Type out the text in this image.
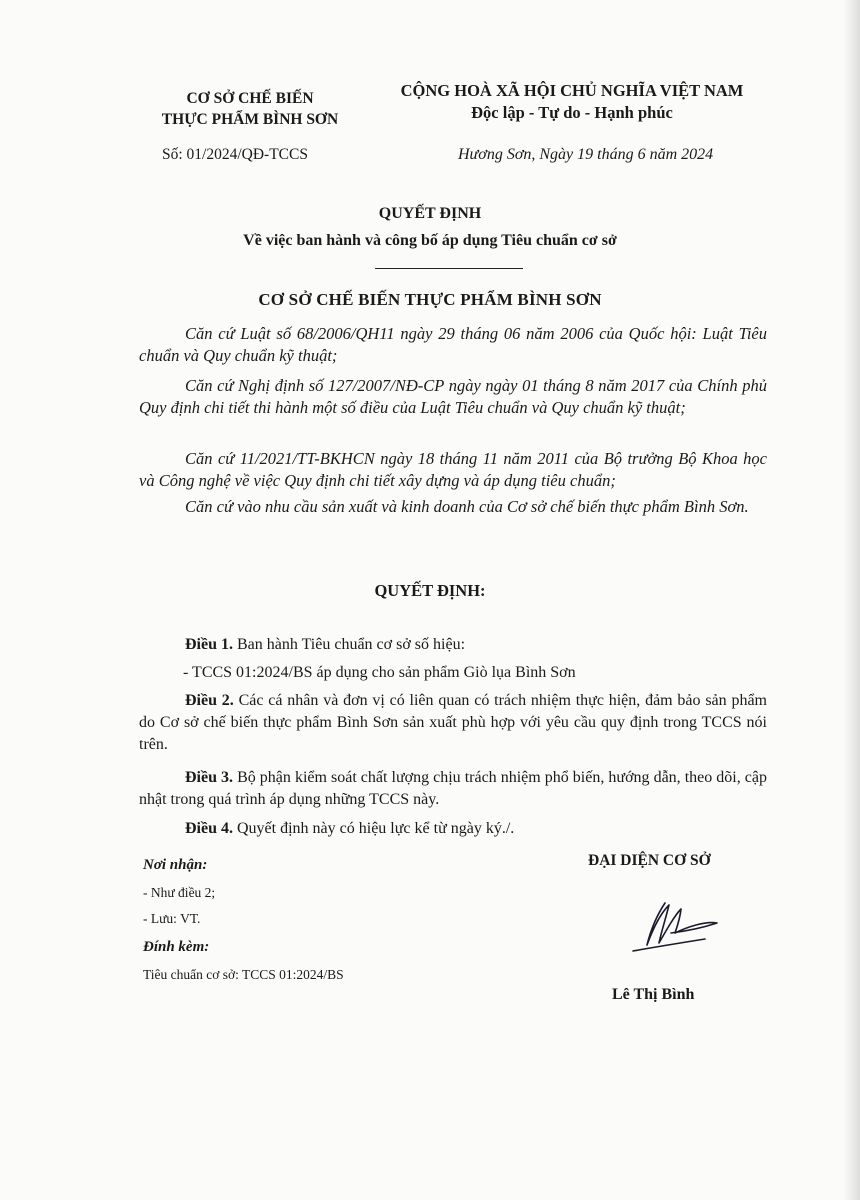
CƠ SỞ CHẾ BIẾN
THỰC PHẨM BÌNH SƠN
CỘNG HOÀ XÃ HỘI CHỦ NGHĨA VIỆT NAM
Độc lập - Tự do - Hạnh phúc
Số: 01/2024/QĐ-TCCS	Hương Sơn, Ngày 19 tháng 6 năm 2024
QUYẾT ĐỊNH
Về việc ban hành và công bố áp dụng Tiêu chuẩn cơ sở
CƠ SỞ CHẾ BIẾN THỰC PHẨM BÌNH SƠN
Căn cứ Luật số 68/2006/QH11 ngày 29 tháng 06 năm 2006 của Quốc hội: Luật Tiêu chuẩn và Quy chuẩn kỹ thuật;
Căn cứ Nghị định số 127/2007/NĐ-CP ngày ngày 01 tháng 8 năm 2017 của Chính phủ Quy định chi tiết thi hành một số điều của Luật Tiêu chuẩn và Quy chuẩn kỹ thuật;
Căn cứ 11/2021/TT-BKHCN ngày 18 tháng 11 năm 2011 của Bộ trưởng Bộ Khoa học và Công nghệ về việc Quy định chi tiết xây dựng và áp dụng tiêu chuẩn;
Căn cứ vào nhu cầu sản xuất và kinh doanh của Cơ sở chế biến thực phẩm Bình Sơn.
QUYẾT ĐỊNH:
Điều 1. Ban hành Tiêu chuẩn cơ sở số hiệu:
- TCCS 01:2024/BS áp dụng cho sản phẩm Giò lụa Bình Sơn
Điều 2. Các cá nhân và đơn vị có liên quan có trách nhiệm thực hiện, đảm bảo sản phẩm do Cơ sở chế biến thực phẩm Bình Sơn sản xuất phù hợp với yêu cầu quy định trong TCCS nói trên.
Điều 3. Bộ phận kiểm soát chất lượng chịu trách nhiệm phổ biến, hướng dẫn, theo dõi, cập nhật trong quá trình áp dụng những TCCS này.
Điều 4. Quyết định này có hiệu lực kể từ ngày ký./.
Nơi nhận:
- Như điều 2;
- Lưu: VT.
Đính kèm:
Tiêu chuẩn cơ sở: TCCS 01:2024/BS
ĐẠI DIỆN CƠ SỞ
Lê Thị Bình
